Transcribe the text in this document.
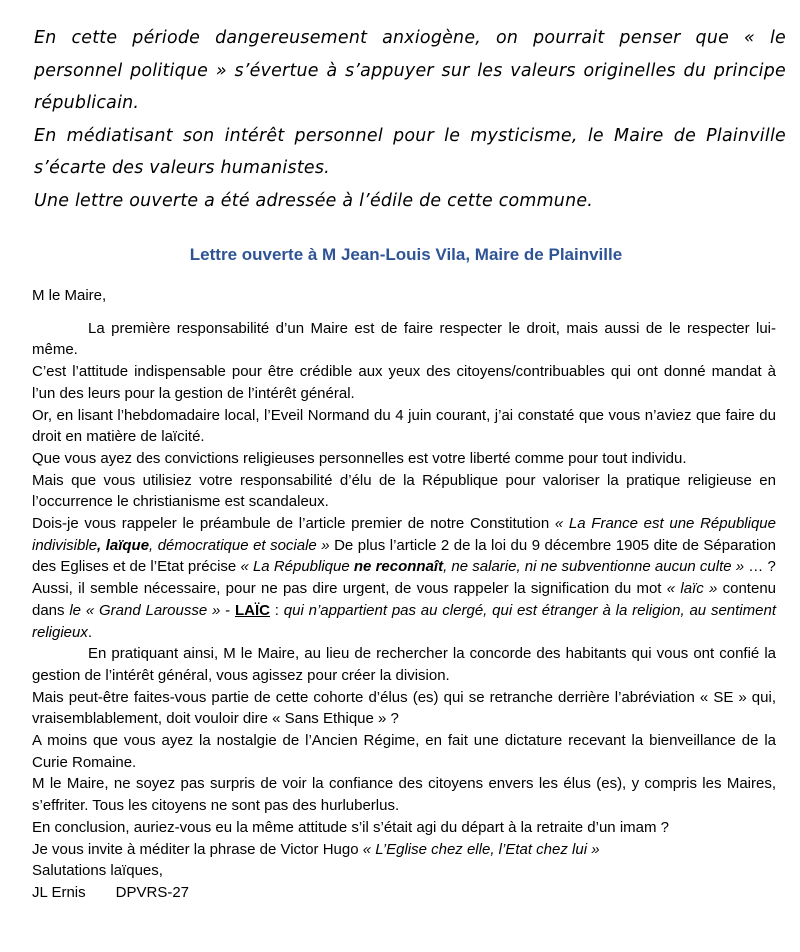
En cette période dangereusement anxiogène, on pourrait penser que « le personnel politique » s’évertue à s’appuyer sur les valeurs originelles du principe républicain.

En médiatisant son intérêt personnel pour le mysticisme, le Maire de Plainville s’écarte des valeurs humanistes.

Une lettre ouverte a été adressée à l’édile de cette commune.

Lettre ouverte à M Jean-Louis Vila, Maire de Plainville

M le Maire,

La première responsabilité d’un Maire est de faire respecter le droit, mais aussi de le respecter lui-même.

C’est l’attitude indispensable pour être crédible aux yeux des citoyens/contribuables qui ont donné mandat à l’un des leurs pour la gestion de l’intérêt général.

Or, en lisant l’hebdomadaire local, l’Eveil Normand du 4 juin courant, j’ai constaté que vous n’aviez que faire du droit en matière de laïcité.

Que vous ayez des convictions religieuses personnelles est votre liberté comme pour tout individu.

Mais que vous utilisiez votre responsabilité d’élu de la République pour valoriser la pratique religieuse en l’occurrence le christianisme est scandaleux.

Dois-je vous rappeler le préambule de l’article premier de notre Constitution « La France est une République indivisible, laïque, démocratique et sociale » De plus l’article 2 de la loi du 9 décembre 1905 dite de Séparation des Eglises et de l’Etat précise « La République ne reconnaît, ne salarie, ni ne subventionne aucun culte » … ?

Aussi, il semble nécessaire, pour ne pas dire urgent, de vous rappeler la signification du mot « laïc » contenu dans le « Grand Larousse » - LAÏC : qui n’appartient pas au clergé, qui est étranger à la religion, au sentiment religieux.

En pratiquant ainsi, M le Maire, au lieu de rechercher la concorde des habitants qui vous ont confié la gestion de l’intérêt général, vous agissez pour créer la division.

Mais peut-être faites-vous partie de cette cohorte d’élus (es) qui se retranche derrière l’abréviation « SE » qui, vraisemblablement, doit vouloir dire « Sans Ethique » ?

A moins que vous ayez la nostalgie de l’Ancien Régime, en fait une dictature recevant la bienveillance de la Curie Romaine.

M le Maire, ne soyez pas surpris de voir la confiance des citoyens envers les élus (es), y compris les Maires, s’effriter. Tous les citoyens ne sont pas des hurluberlus.

En conclusion, auriez-vous eu la même attitude s’il s’était agi du départ à la retraite d’un imam ?

Je vous invite à méditer la phrase de Victor Hugo « L’Eglise chez elle, l’Etat chez lui »

Salutations laïques,

JL Ernis DPVRS-27
